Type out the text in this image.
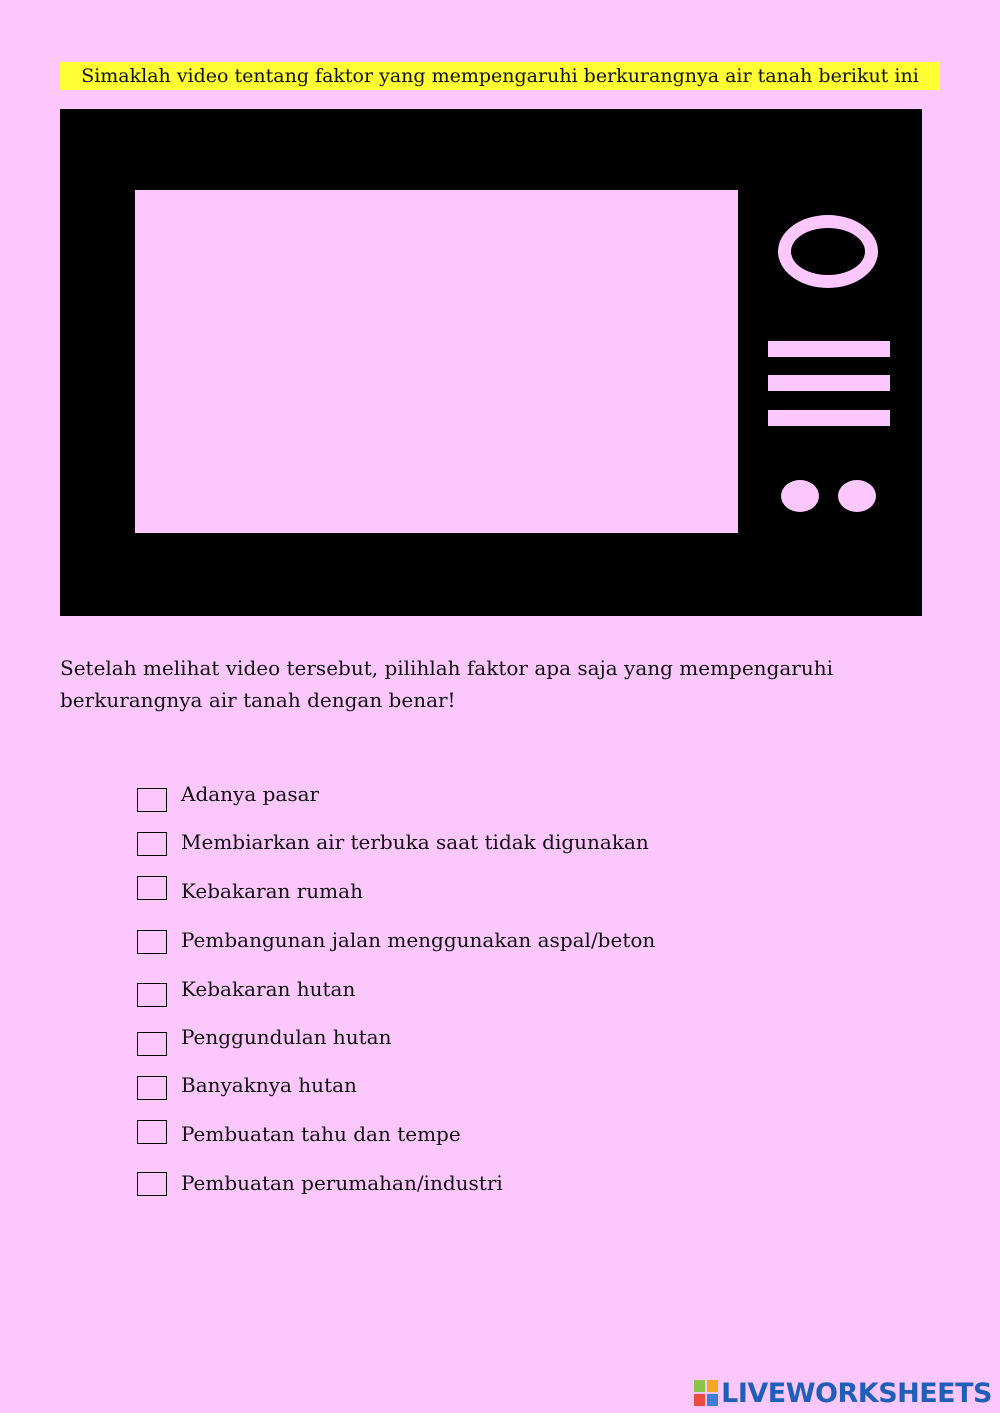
Simaklah video tentang faktor yang mempengaruhi berkurangnya air tanah berikut ini
Setelah melihat video tersebut, pilihlah faktor apa saja yang mempengaruhi berkurangnya air tanah dengan benar!
Adanya pasar
Membiarkan air terbuka saat tidak digunakan
Kebakaran rumah
Pembangunan jalan menggunakan aspal/beton
Kebakaran hutan
Penggundulan hutan
Banyaknya hutan
Pembuatan tahu dan tempe
Pembuatan perumahan/industri
LIVEWORKSHEETS
